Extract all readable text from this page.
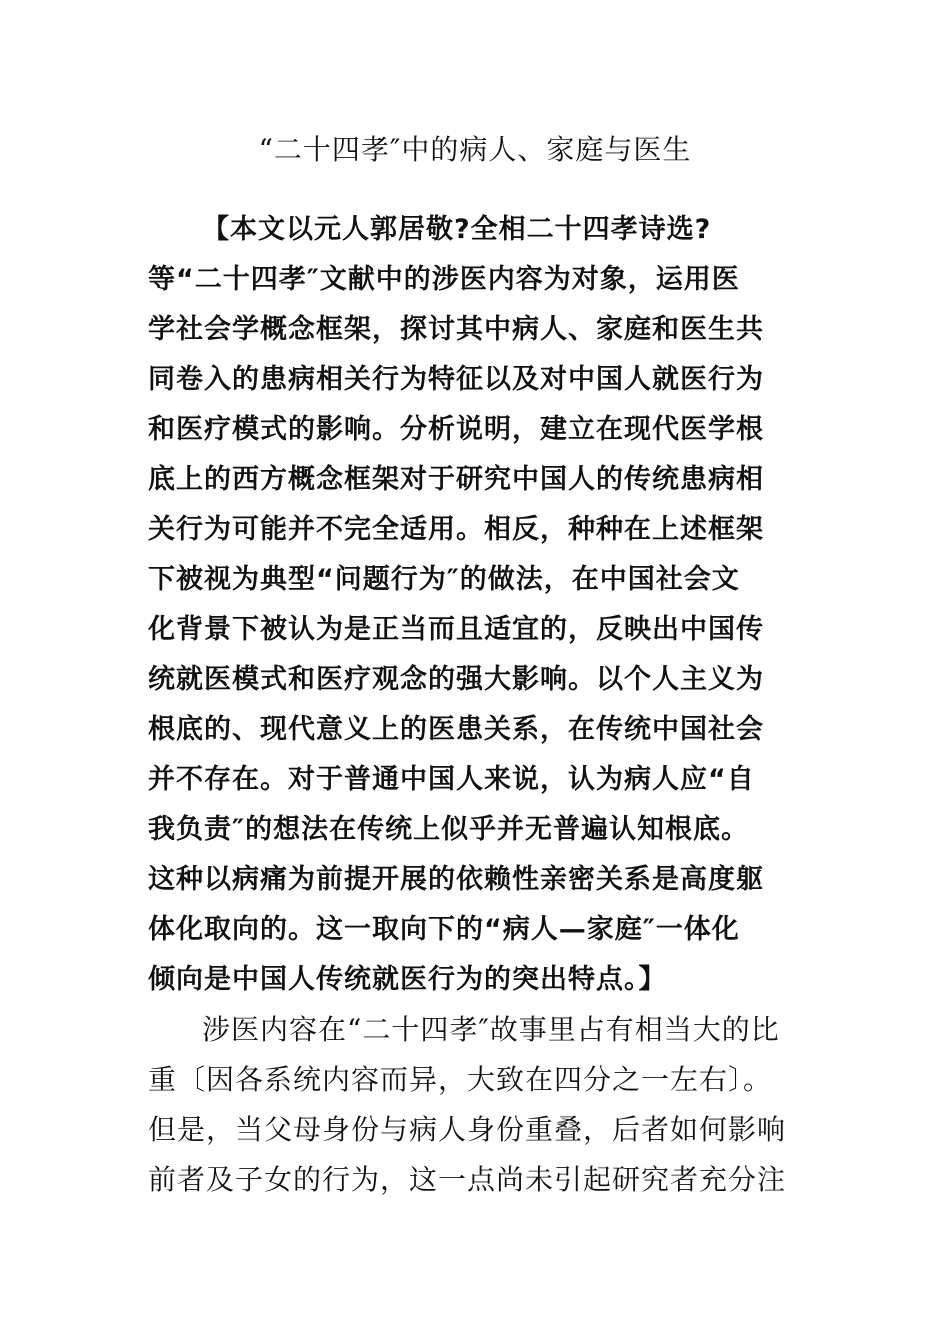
“二十四孝″中的病人、家庭与医生

【本文以元人郭居敬?全相二十四孝诗选?

等“二十四孝″文献中的涉医内容为对象，运用医

学社会学概念框架，探讨其中病人、家庭和医生共

同卷入的患病相关行为特征以及对中国人就医行为

和医疗模式的影响。分析说明，建立在现代医学根

底上的西方概念框架对于研究中国人的传统患病相

关行为可能并不完全适用。相反，种种在上述框架

下被视为典型“问题行为″的做法，在中国社会文

化背景下被认为是正当而且适宜的，反映出中国传

统就医模式和医疗观念的强大影响。以个人主义为

根底的、现代意义上的医患关系，在传统中国社会

并不存在。对于普通中国人来说，认为病人应“自

我负责″的想法在传统上似乎并无普遍认知根底。

这种以病痛为前提开展的依赖性亲密关系是高度躯

体化取向的。这一取向下的“病人—家庭″一体化

倾向是中国人传统就医行为的突出特点。】

涉医内容在“二十四孝″故事里占有相当大的比

重〔因各系统内容而异，大致在四分之一左右〕。

但是，当父母身份与病人身份重叠，后者如何影响

前者及子女的行为，这一点尚未引起研究者充分注
